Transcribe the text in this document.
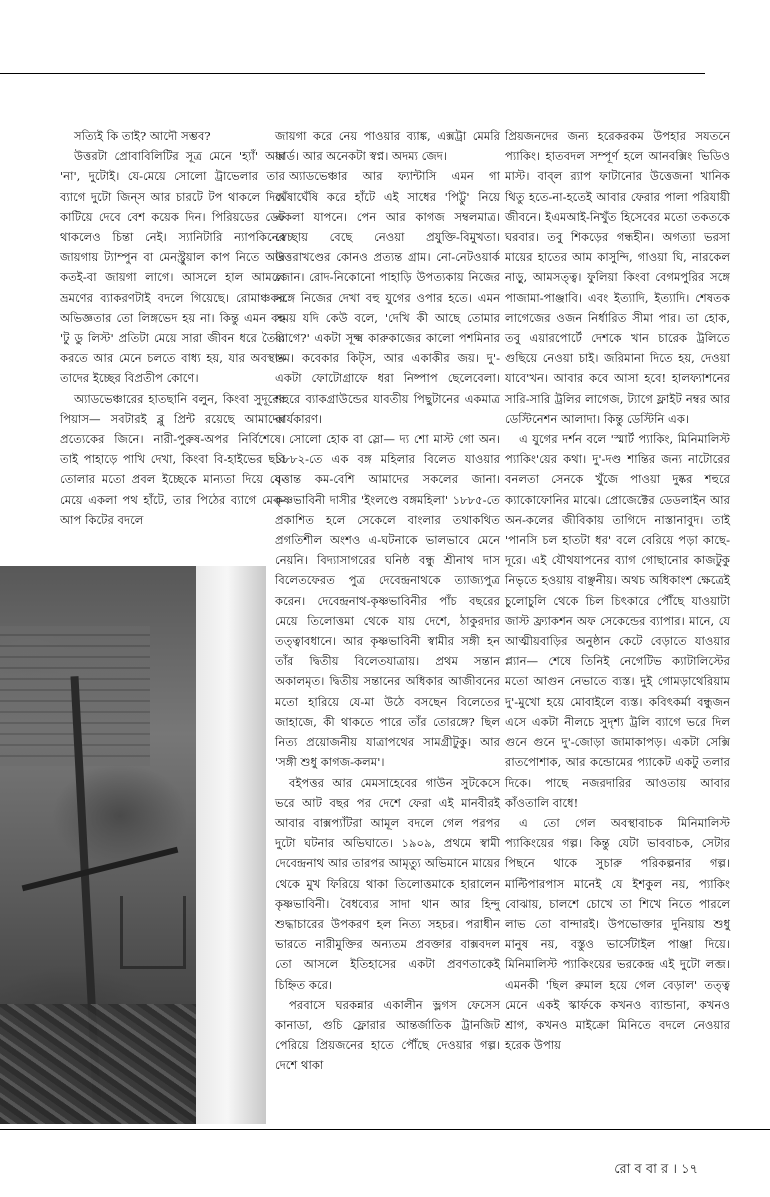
সত্যিই কি তাই? আদৌ সম্ভব?

উত্তরটা প্রোবাবিলিটির সূত্র মেনে 'হ্যাঁ' আর 'না', দুটোই। যে-মেয়ে সোলো ট্রাভেলার তার ব্যাগে দুটো জিন্‌স আর চারটে টপ থাকলে দিব্য কাটিয়ে দেবে বেশ কয়েক দিন। পিরিয়ডের ডেট থাকলেও চিন্তা নেই। স্যানিটারি ন্যাপকিনের জায়গায় ট্যাম্পুন বা মেনস্ট্রুয়াল কাপ নিতে আর কতই-বা জায়গা লাগে। আসলে হাল আমলে ভ্রমণের ব্যাকরণটাই বদলে গিয়েছে। রোমাঞ্চকর অভিজ্ঞতার তো লিঙ্গভেদ হয় না। কিন্তু এমন বহু 'টু ডু লিস্ট' প্রতিটা মেয়ে সারা জীবন ধরে তৈরি করতে আর মেনে চলতে বাধ্য হয়, যার অবস্থান তাদের ইচ্ছের বিপ্রতীপ কোণে।

অ্যাডভেঞ্চারের হাতছানি বলুন, কিংবা সুদূরের পিয়াস— সবটারই ব্লু প্রিন্ট রয়েছে আমাদের প্রত্যেকের জিনে। নারী-পুরুষ-অপর নির্বিশেষে। তাই পাহাড়ে পাখি দেখা, কিংবা বি-হাইভের ছবি তোলার মতো প্রবল ইচ্ছেকে মান্যতা দিয়ে যে-মেয়ে একলা পথ হাঁটে, তার পিঠের ব্যাগে মেক-আপ কিটের বদলে

জায়গা করে নেয় পাওয়ার ব্যাঙ্ক, এক্সট্রা মেমরি কার্ড। আর অনেকটা স্বপ্ন। অদম্য জেদ।

অ্যাডভেঞ্চার আর ফ্যান্টাসি এমন গা ঘেঁষাঘেঁষি করে হাঁটে এই সাধের 'পিট্টু' নিয়ে একলা যাপনে। পেন আর কাগজ সম্বলমাত্র। স্বেচ্ছায় বেছে নেওয়া প্রযুক্তি-বিমুখতা। উত্তরাখণ্ডের কোনও প্রত্যন্ত গ্রাম। নো-নেটওয়ার্ক জোন। রোদ-নিকোনো পাহাড়ি উপত্যকায় নিজের সঙ্গে নিজের দেখা বহু যুগের ওপার হতে। এমন সময় যদি কেউ বলে, 'দেখি কী আছে তোমার ব্যাগে?' একটা সূক্ষ্ম কারুকাজের কালো পশমিনার ওম। কবেকার কিট্‌স, আর একাকীর জয়। দু'-একটা ফোটোগ্রাফে ধরা নিষ্পাপ ছেলেবেলা। শহুরে ব্যাকগ্রাউন্ডের যাবতীয় পিছুটানের একমাত্র কার্যকারণ।

সোলো হোক বা স্লো— দ্য শো মাস্ট গো অন। ১৮৮২-তে এক বঙ্গ মহিলার বিলেত যাওয়ার বৃত্তান্ত কম-বেশি আমাদের সকলের জানা। কৃষ্ণভাবিনী দাসীর 'ইংলণ্ডে বঙ্গমহিলা' ১৮৮৫-তে প্রকাশিত হলে সেকেলে বাংলার তথাকথিত প্রগতিশীল অংশও এ-ঘটনাকে ভালভাবে মেনে নেয়নি। বিদ্যাসাগরের ঘনিষ্ঠ বন্ধু শ্রীনাথ দাস বিলেতফেরত পুত্র দেবেন্দ্রনাথকে ত্যাজ্যপুত্র করেন। দেবেন্দ্রনাথ-কৃষ্ণভাবিনীর পাঁচ বছরের মেয়ে তিলোত্তমা থেকে যায় দেশে, ঠাকুরদার তত্ত্বাবধানে। আর কৃষ্ণভাবিনী স্বামীর সঙ্গী হন তাঁর দ্বিতীয় বিলেতযাত্রায়। প্রথম সন্তান অকালমৃত। দ্বিতীয় সন্তানের অধিকার আজীবনের মতো হারিয়ে যে-মা উঠে বসছেন বিলেতের জাহাজে, কী থাকতে পারে তাঁর তোরঙ্গে? ছিল নিত্য প্রয়োজনীয় যাত্রাপথের সামগ্রীটুকু। আর 'সঙ্গী শুধু কাগজ-কলম'।

বইপত্তর আর মেমসাহেবের গাউন সুটকেসে ভরে আট বছর পর দেশে ফেরা এই মানবীরই আবার বাক্সপ্যাঁটরা আমূল বদলে গেল পরপর দুটো ঘটনার অভিঘাতে। ১৯০৯, প্রথমে স্বামী দেবেন্দ্রনাথ আর তারপর আমৃত্যু অভিমানে মায়ের থেকে মুখ ফিরিয়ে থাকা তিলোত্তমাকে হারালেন কৃষ্ণভাবিনী। বৈধব্যের সাদা থান আর হিন্দু শুদ্ধাচারের উপকরণ হল নিত্য সহচর। পরাধীন ভারতে নারীমুক্তির অন্যতম প্রবক্তার বাক্সবদল তো আসলে ইতিহাসের একটা প্রবণতাকেই চিহ্নিত করে।

পরবাসে ঘরকন্নার একালীন ভ্লগস ফেসেস কানাডা, গুচি ফ্লোরার আন্তর্জাতিক ট্রানজিট পেরিয়ে প্রিয়জনের হাতে পৌঁছে দেওয়ার গল্প। দেশে থাকা

প্রিয়জনদের জন্য হরেকরকম উপহার সযতনে প্যাকিং। হাতবদল সম্পূর্ণ হলে আনবক্সিং ভিডিও মাস্ট। বাব্‌ল র‍্যাপ ফাটানোর উত্তেজনা খানিক থিতু হতে-না-হতেই আবার ফেরার পালা পরিযায়ী জীবনে। ইএমআই-নিখুঁত হিসেবের মতো তকতকে ঘরবার। তবু শিকড়ের গন্ধহীন। অগত্যা ভরসা মায়ের হাতের আম কাসুন্দি, গাওয়া ঘি, নারকেল নাড়ু, আমসত্ত্ব। ফুলিয়া কিংবা বেগমপুরির সঙ্গে পাজামা-পাঞ্জাবি। এবং ইত্যাদি, ইত্যাদি। শেষতক লাগেজের ওজন নির্ধারিত সীমা পার। তা হোক, তবু এয়ারপোর্টে দেশকে খান চারেক ট্রলিতে গুছিয়ে নেওয়া চাই। জরিমানা দিতে হয়, দেওয়া যাবে'খন। আবার কবে আসা হবে! হালফ্যাশনের সারি-সারি ট্রলির লাগেজ, ট্যাগে ফ্লাইট নম্বর আর ডেস্টিনেশন আলাদা। কিন্তু ডেস্টিনি এক।

এ যুগের দর্শন বলে 'স্মার্ট প্যাকিং, মিনিমালিস্ট প্যাকিং'য়ের কথা। দু'-দণ্ড শান্তির জন্য নাটোরের বনলতা সেনকে খুঁজে পাওয়া দুষ্কর শহুরে ক্যাকোফোনির মাঝে। প্রোজেক্টের ডেডলাইন আর অন-কলের জীবিকায় তাগিদে নাস্তানাবুদ। তাই 'পানসি চল হাতটা ধর' বলে বেরিয়ে পড়া কাছে-দূরে। এই যৌথযাপনের ব্যাগ গোছানোর কাজটুকু নিভৃতে হওয়ায় বাঞ্ছনীয়। অথচ অধিকাংশ ক্ষেত্রেই চুলোচুলি থেকে চিল চিৎকারে পৌঁছে যাওয়াটা জাস্ট ফ্র্যাকশন অফ সেকেন্ডের ব্যাপার। মানে, যে আত্মীয়বাড়ির অনুষ্ঠান কেটে বেড়াতে যাওয়ার প্ল্যান— শেষে তিনিই নেগেটিভ ক্যাটালিস্টের মতো আগুন নেভাতে ব্যস্ত। দুই গোমড়াথেরিয়াম দু'-মুখো হয়ে মোবাইলে ব্যস্ত। কবিৎকর্মা বন্ধুজন এসে একটা নীলচে সুদৃশ্য ট্রলি ব্যাগে ভরে দিল গুনে গুনে দু'-জোড়া জামাকাপড়। একটা সেক্সি রাতপোশাক, আর কন্ডোমের প্যাকেট একটু তলার দিকে। পাছে নজরদারির আওতায় আবার কাঁওতালি বাধে!

এ তো গেল অবস্থাবাচক মিনিমালিস্ট প্যাকিংয়ের গল্প। কিন্তু যেটা ভাববাচক, সেটার পিছনে থাকে সুচারু পরিকল্পনার গল্প। মাল্টিপারপাস মানেই যে ইশকুল নয়, প্যাকিং বোঝায়, চালশে চোখে তা শিখে নিতে পারলে লাভ তো বান্দারই। উপভোক্তার দুনিয়ায় শুধু মানুষ নয়, বস্তুও ভার্সেটাইল পাঞ্জা দিয়ে। মিনিমালিস্ট প্যাকিংয়ের ভরকেন্দ্র এই দুটো লব্জ। এমনকী 'ছিল রুমাল হয়ে গেল বেড়াল' তত্ত্ব মেনে একই স্কার্ফকে কখনও ব্যান্ডানা, কখনও শ্রাগ, কখনও মাইক্রো মিনিতে বদলে নেওয়ার হরেক উপায়

রো ব বা র । ১৭
